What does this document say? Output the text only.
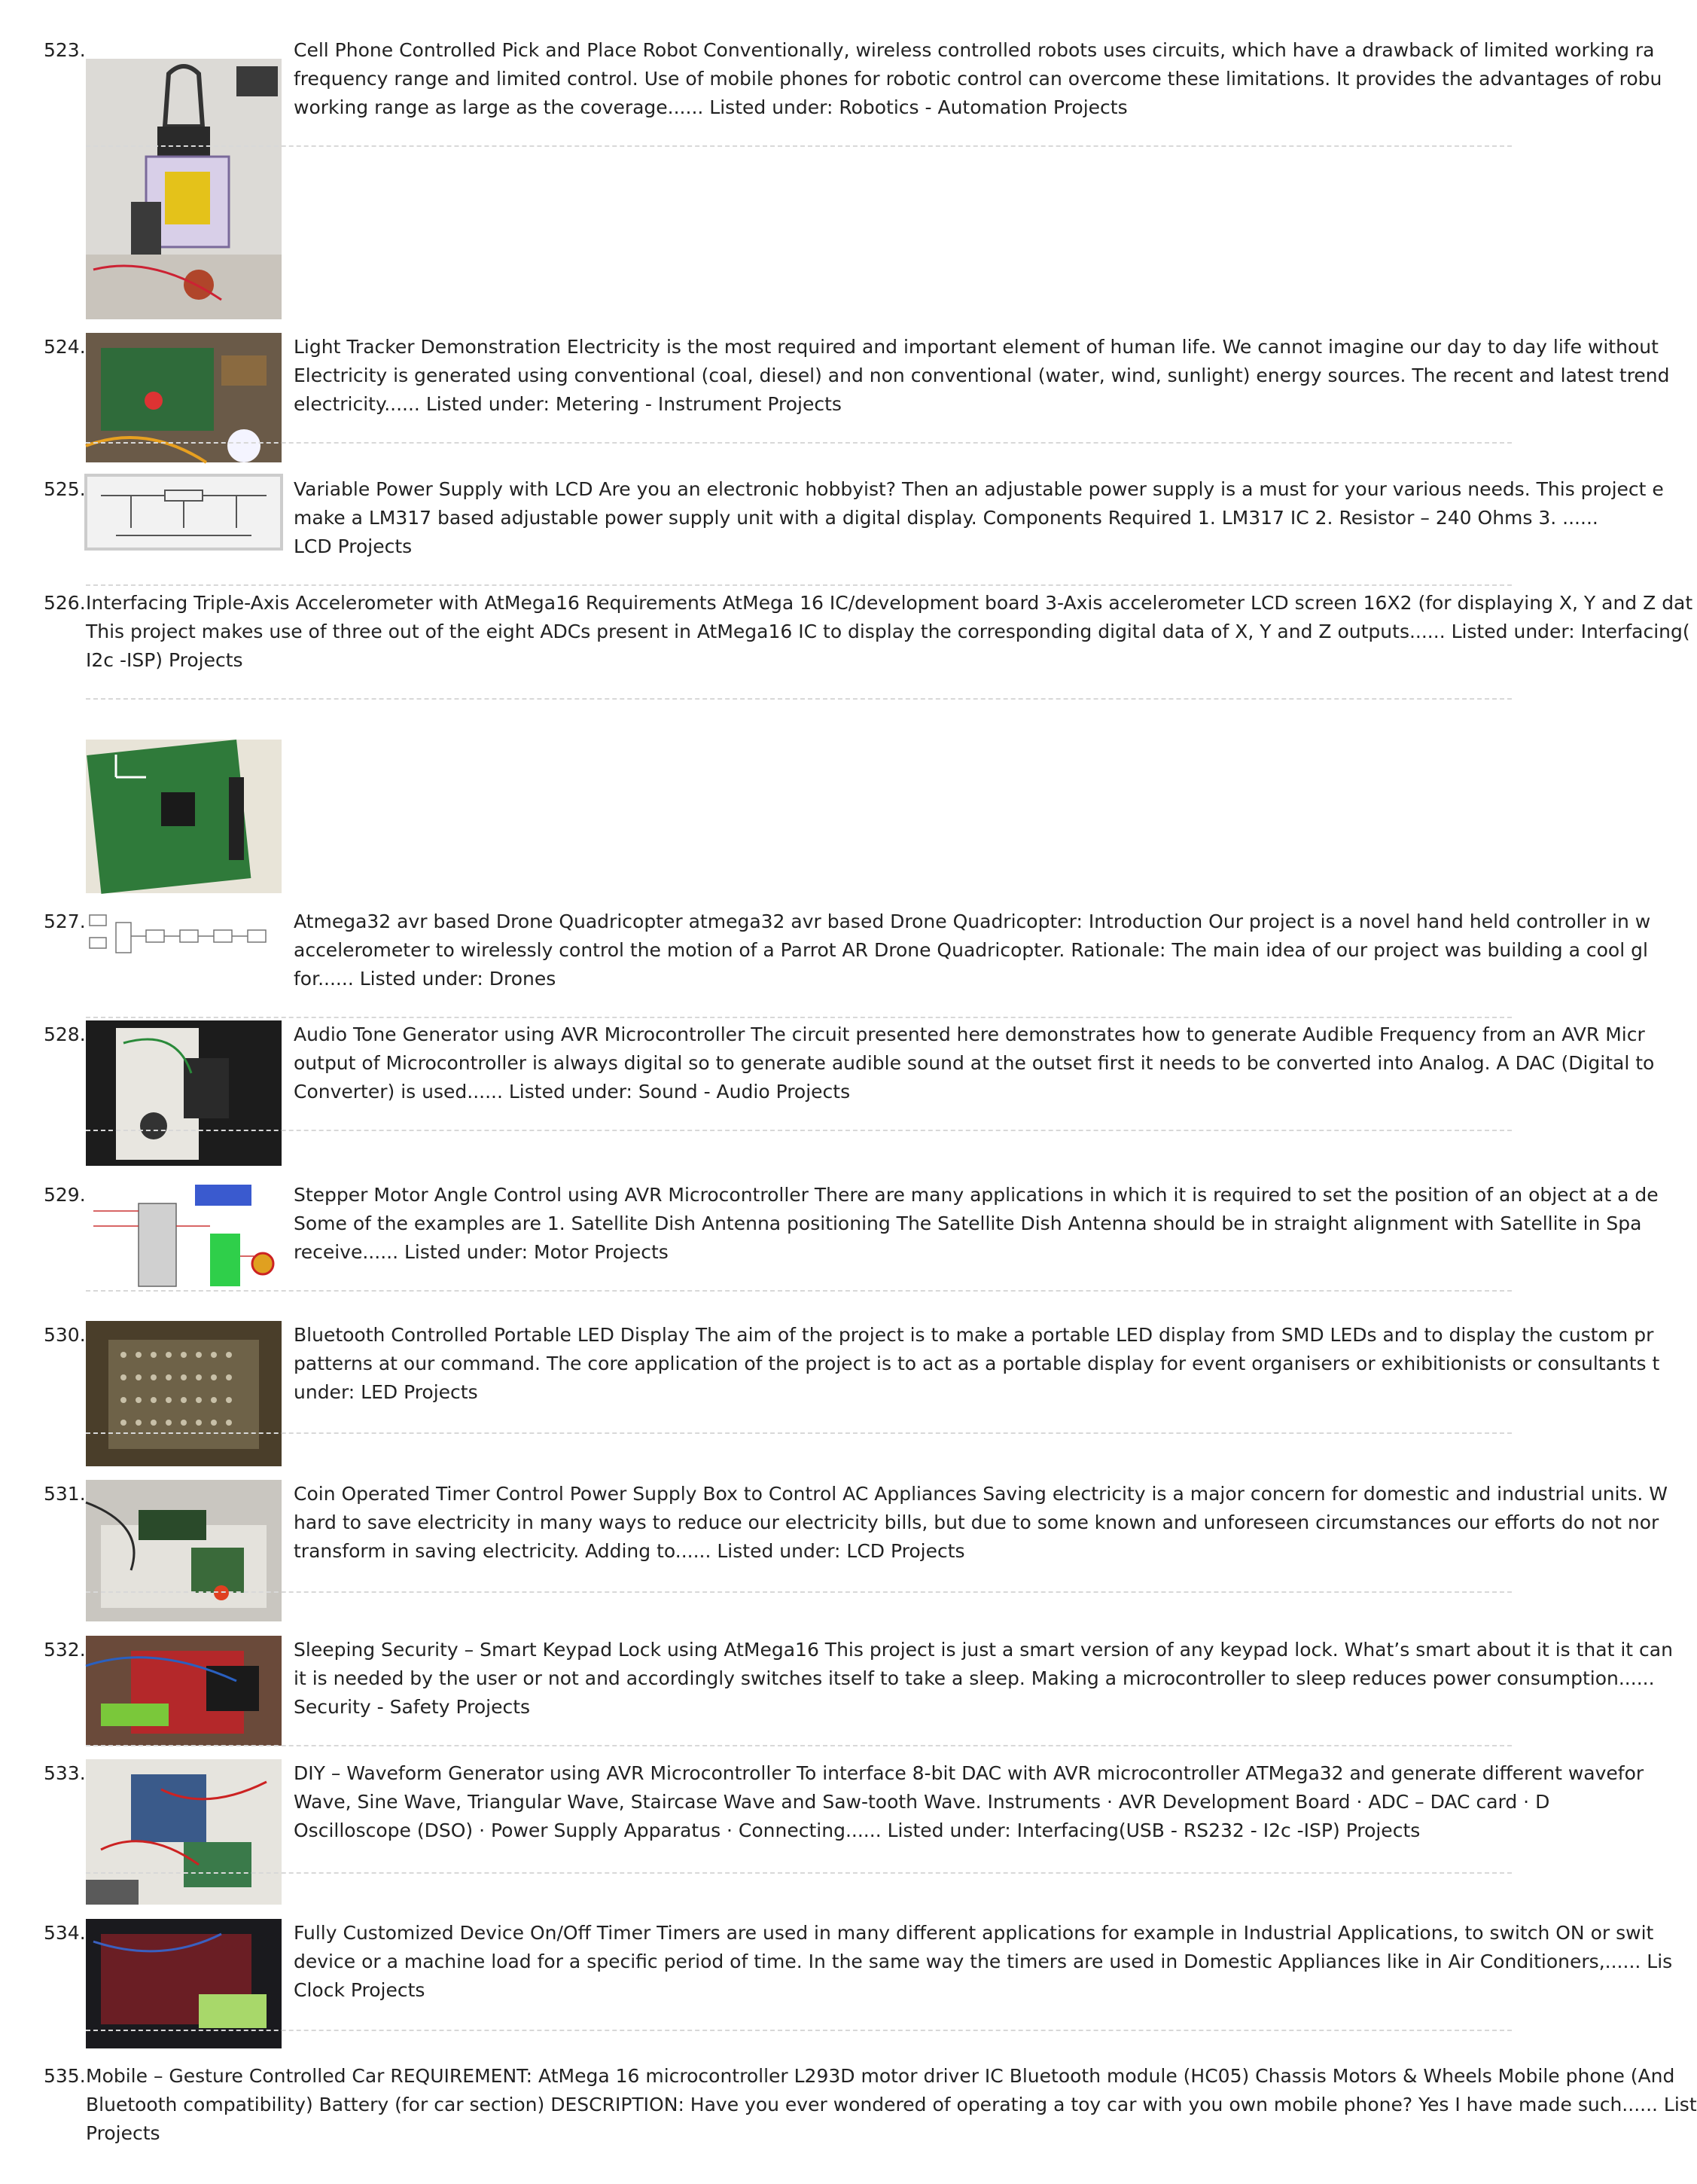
523.	Cell Phone Controlled Pick and Place Robot Conventionally, wireless controlled robots uses circuits, which have a drawback of limited working ra
frequency range and limited control. Use of mobile phones for robotic control can overcome these limitations. It provides the advantages of robu
working range as large as the coverage...... Listed under: Robotics - Automation Projects
524.	Light Tracker Demonstration Electricity is the most required and important element of human life. We cannot imagine our day to day life without
Electricity is generated using conventional (coal, diesel) and non conventional (water, wind, sunlight) energy sources. The recent and latest trend
electricity...... Listed under: Metering - Instrument Projects
525.	Variable Power Supply with LCD Are you an electronic hobbyist? Then an adjustable power supply is a must for your various needs. This project e
make a LM317 based adjustable power supply unit with a digital display. Components Required 1. LM317 IC 2. Resistor – 240 Ohms 3. ......
LCD Projects
526. Interfacing Triple-Axis Accelerometer with AtMega16 Requirements AtMega 16 IC/development board 3-Axis accelerometer LCD screen 16X2 (for displaying X, Y and Z dat
This project makes use of three out of the eight ADCs present in AtMega16 IC to display the corresponding digital data of X, Y and Z outputs...... Listed under: Interfacing(
I2c -ISP) Projects
527.	Atmega32 avr based Drone Quadricopter atmega32 avr based Drone Quadricopter: Introduction Our project is a novel hand held controller in w
accelerometer to wirelessly control the motion of a Parrot AR Drone Quadricopter. Rationale: The main idea of our project was building a cool gl
for...... Listed under: Drones
528.	Audio Tone Generator using AVR Microcontroller The circuit presented here demonstrates how to generate Audible Frequency from an AVR Micr
output of Microcontroller is always digital so to generate audible sound at the outset first it needs to be converted into Analog. A DAC (Digital to
Converter) is used...... Listed under: Sound - Audio Projects
529.	Stepper Motor Angle Control using AVR Microcontroller There are many applications in which it is required to set the position of an object at a de
Some of the examples are 1. Satellite Dish Antenna positioning The Satellite Dish Antenna should be in straight alignment with Satellite in Spa
receive...... Listed under: Motor Projects
530.	Bluetooth Controlled Portable LED Display The aim of the project is to make a portable LED display from SMD LEDs and to display the custom pr
patterns at our command. The core application of the project is to act as a portable display for event organisers or exhibitionists or consultants t
under: LED Projects
531.	Coin Operated Timer Control Power Supply Box to Control AC Appliances Saving electricity is a major concern for domestic and industrial units. W
hard to save electricity in many ways to reduce our electricity bills, but due to some known and unforeseen circumstances our efforts do not nor
transform in saving electricity. Adding to...... Listed under: LCD Projects
532.	Sleeping Security – Smart Keypad Lock using AtMega16 This project is just a smart version of any keypad lock. What’s smart about it is that it can
it is needed by the user or not and accordingly switches itself to take a sleep. Making a microcontroller to sleep reduces power consumption......
Security - Safety Projects
533.	DIY – Waveform Generator using AVR Microcontroller To interface 8-bit DAC with AVR microcontroller ATMega32 and generate different wavefor
Wave, Sine Wave, Triangular Wave, Staircase Wave and Saw-tooth Wave. Instruments · AVR Development Board · ADC – DAC card · D
Oscilloscope (DSO) · Power Supply Apparatus · Connecting...... Listed under: Interfacing(USB - RS232 - I2c -ISP) Projects
534.	Fully Customized Device On/Off Timer Timers are used in many different applications for example in Industrial Applications, to switch ON or swit
device or a machine load for a specific period of time. In the same way the timers are used in Domestic Appliances like in Air Conditioners,...... Lis
Clock Projects
535. Mobile – Gesture Controlled Car REQUIREMENT: AtMega 16 microcontroller L293D motor driver IC Bluetooth module (HC05) Chassis Motors & Wheels Mobile phone (And
Bluetooth compatibility) Battery (for car section) DESCRIPTION: Have you ever wondered of operating a toy car with you own mobile phone? Yes I have made such...... List
Projects
